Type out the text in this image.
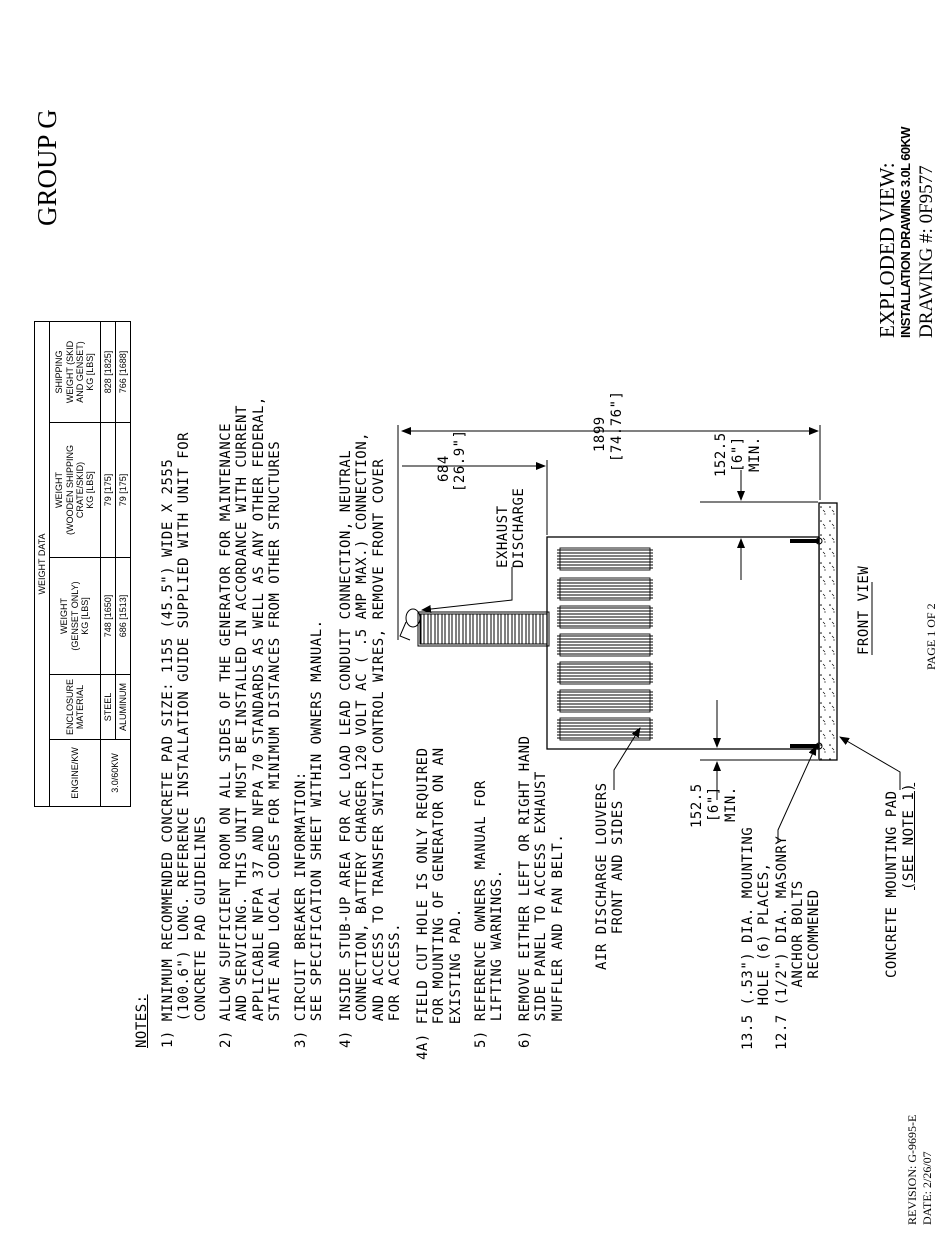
GROUP G	EXPLODED VIEW: INSTALLATION DRAWING 3.0L 60KW DRAWING #: 0F9577
PAGE 1 OF 2
REVISION: G-9695-E DATE: 2/26/07
WEIGHT DATA				
ENGINE/KW	ENCLOSURE
MATERIAL	WEIGHT
(GENSET ONLY)
KG [LBS]	WEIGHT
(WOODEN SHIPPING
CRATE/SKID)
KG [LBS]	SHIPPING
WEIGHT (SKID
AND GENSET)
KG [LBS]
3.0/60KW	STEEL	748 [1650]	79 [175]	828 [1825]
	ALUMINUM	686 [1513]	79 [175]	766 [1688]
NOTES: 1) MINIMUM RECOMMENDED CONCRETE PAD SIZE: 1155 (45.5") WIDE X 2555
(100.6") LONG. REFERENCE INSTALLATION GUIDE SUPPLIED WITH UNIT FOR
CONCRETE PAD GUIDELINES
2) ALLOW SUFFICIENT ROOM ON ALL SIDES OF THE GENERATOR FOR MAINTENANCE
AND SERVICING. THIS UNIT MUST BE INSTALLED IN ACCORDANCE WITH CURRENT
APPLICABLE NFPA 37 AND NFPA 70 STANDARDS AS WELL AS ANY OTHER FEDERAL,
STATE AND LOCAL CODES FOR MINIMUM DISTANCES FROM OTHER STRUCTURES
3) CIRCUIT BREAKER INFORMATION:
SEE SPECIFICATION SHEET WITHIN OWNERS MANUAL.
4) INSIDE STUB-UP AREA FOR AC LOAD LEAD CONDUIT CONNECTION, NEUTRAL
CONNECTION, BATTERY CHARGER 120 VOLT AC ( .5 AMP MAX.) CONNECTION,
AND ACCESS TO TRANSFER SWITCH CONTROL WIRES, REMOVE FRONT COVER
FOR ACCESS.
4A) FIELD CUT HOLE IS ONLY REQUIRED
FOR MOUNTING OF GENERATOR ON AN
EXISTING PAD.
5) REFERENCE OWNERS MANUAL FOR
LIFTING WARNINGS.
6) REMOVE EITHER LEFT OR RIGHT HAND
SIDE PANEL TO ACCESS EXHAUST
MUFFLER AND FAN BELT.
AIR DISCHARGE LOUVERS
FRONT AND SIDES	CONCRETE MOUNTING PAD (SEE NOTE 1)
13.5 (.53") DIA. MOUNTING
HOLE (6) PLACES,
12.7 (1/2") DIA. MASONRY
ANCHOR BOLTS
RECOMMENED
EXHAUST
DISCHARGE
FRONT VIEW
1899 [74.76"]
684 [26.9"]	152.5 [6"] MIN.
152.5 [6"] MIN.
